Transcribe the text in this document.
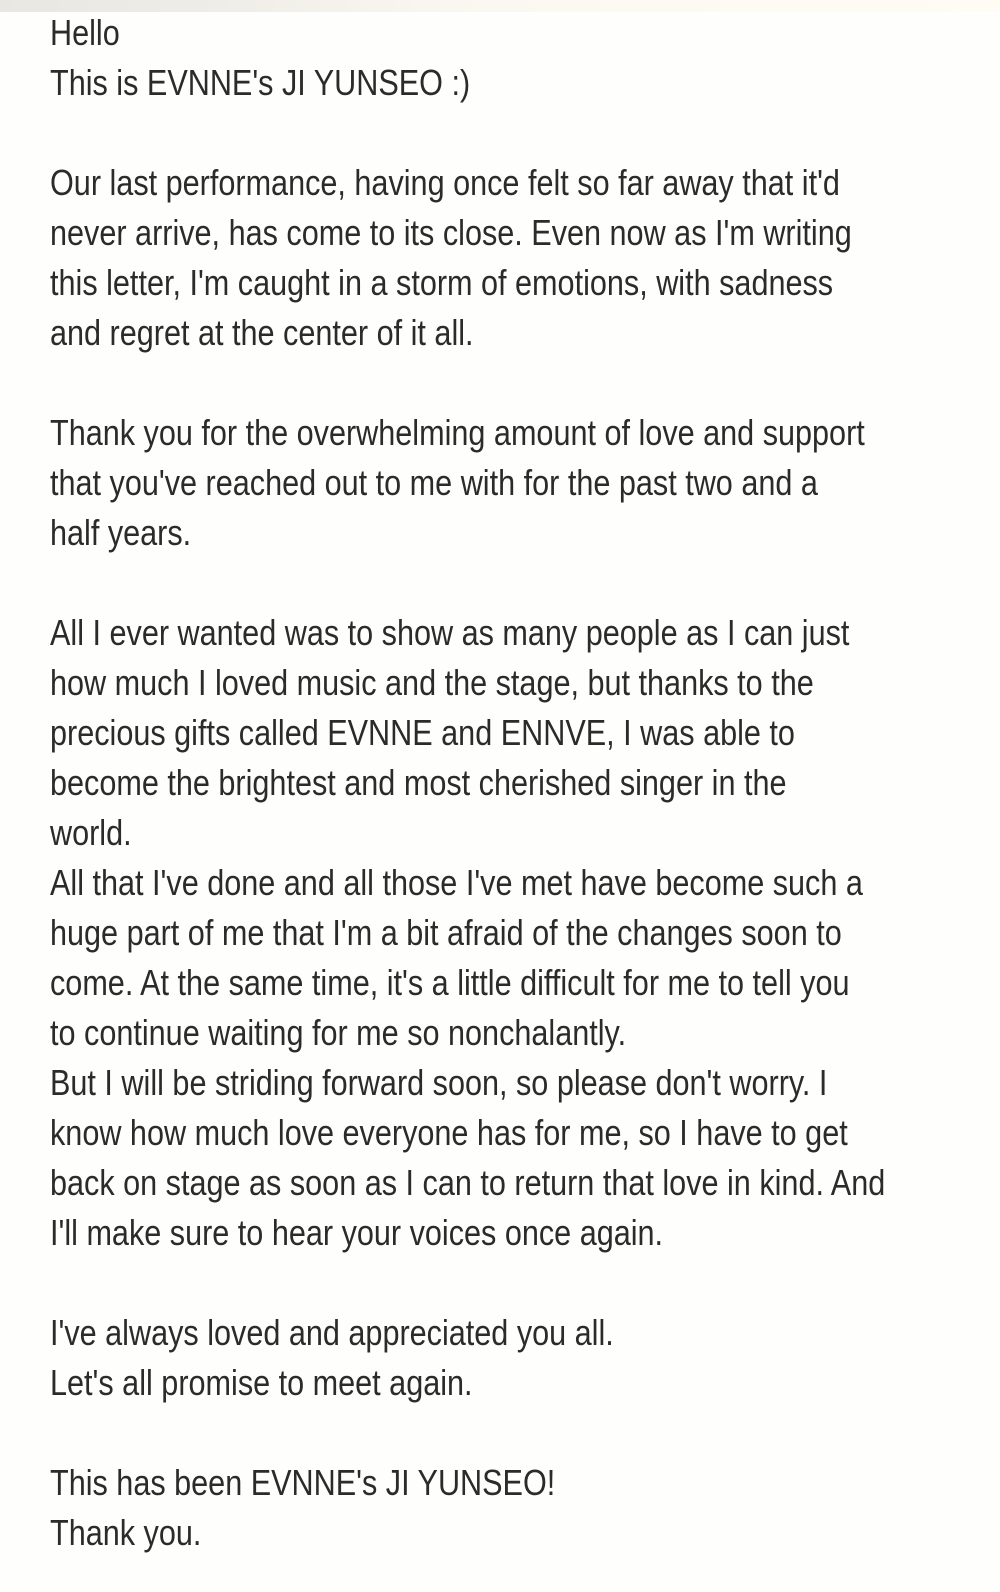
Hello
This is EVNNE's JI YUNSEO :)
Our last performance, having once felt so far away that it'd
never arrive, has come to its close. Even now as I'm writing
this letter, I'm caught in a storm of emotions, with sadness
and regret at the center of it all.
Thank you for the overwhelming amount of love and support
that you've reached out to me with for the past two and a
half years.
All I ever wanted was to show as many people as I can just
how much I loved music and the stage, but thanks to the
precious gifts called EVNNE and ENNVE, I was able to
become the brightest and most cherished singer in the
world.
All that I've done and all those I've met have become such a
huge part of me that I'm a bit afraid of the changes soon to
come. At the same time, it's a little difficult for me to tell you
to continue waiting for me so nonchalantly.
But I will be striding forward soon, so please don't worry. I
know how much love everyone has for me, so I have to get
back on stage as soon as I can to return that love in kind. And
I'll make sure to hear your voices once again.
I've always loved and appreciated you all.
Let's all promise to meet again.
This has been EVNNE's JI YUNSEO!
Thank you.
